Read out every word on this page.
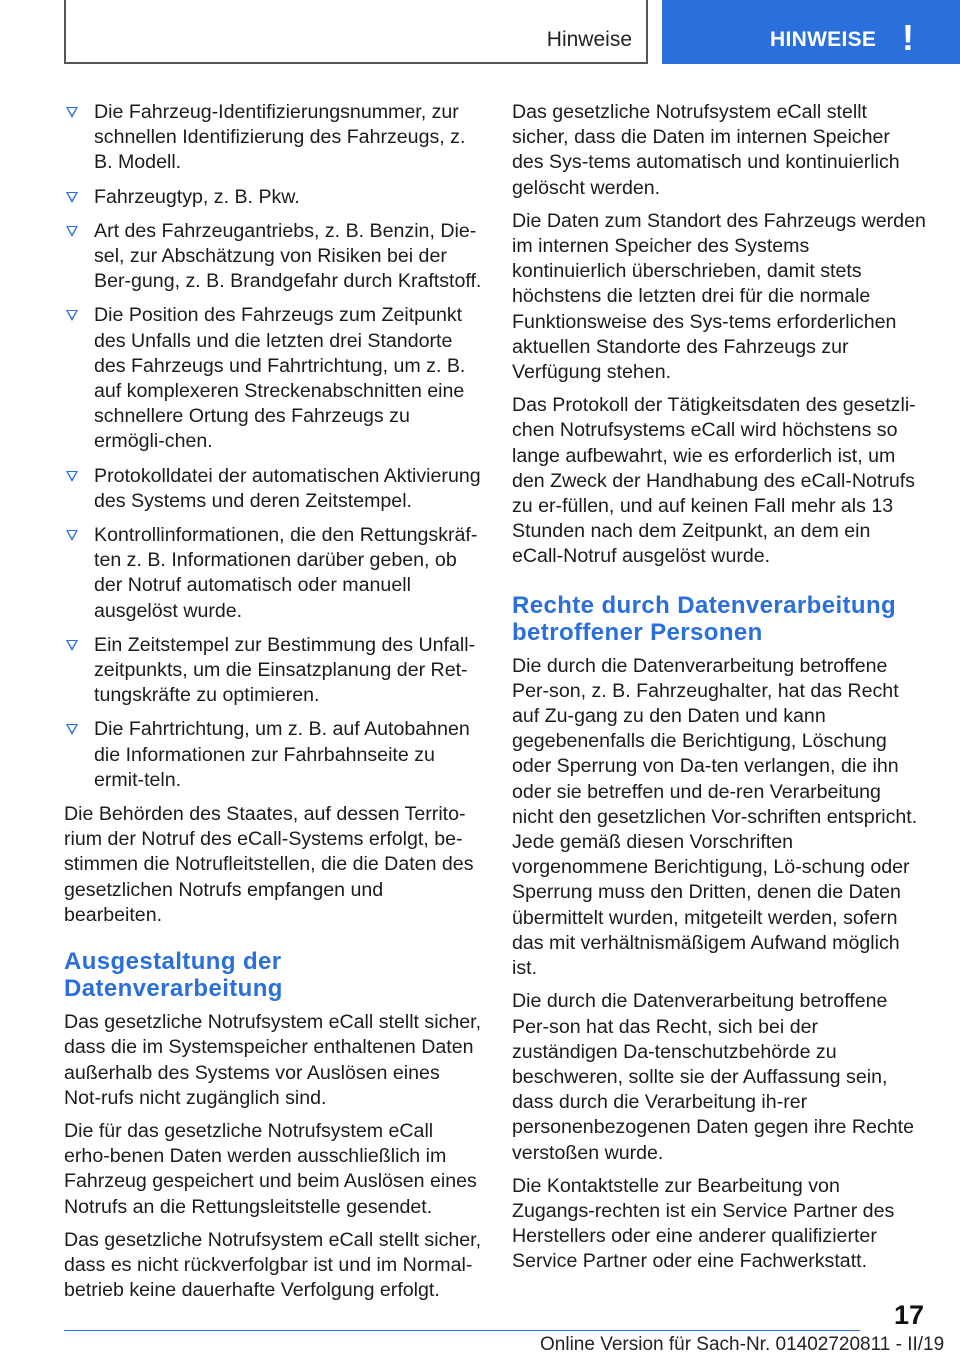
Hinweise	HINWEISE !
Die Fahrzeug-Identifizierungsnummer, zur schnellen Identifizierung des Fahrzeugs, z. B. Modell.
Fahrzeugtyp, z. B. Pkw.
Art des Fahrzeugantriebs, z. B. Benzin, Die-sel, zur Abschätzung von Risiken bei der Ber-gung, z. B. Brandgefahr durch Kraftstoff.
Die Position des Fahrzeugs zum Zeitpunkt des Unfalls und die letzten drei Standorte des Fahrzeugs und Fahrtrichtung, um z. B. auf komplexeren Streckenabschnitten eine schnellere Ortung des Fahrzeugs zu ermögli-chen.
Protokolldatei der automatischen Aktivierung des Systems und deren Zeitstempel.
Kontrollinformationen, die den Rettungskräf-ten z. B. Informationen darüber geben, ob der Notruf automatisch oder manuell ausgelöst wurde.
Ein Zeitstempel zur Bestimmung des Unfall-zeitpunkts, um die Einsatzplanung der Ret-tungskräfte zu optimieren.
Die Fahrtrichtung, um z. B. auf Autobahnen die Informationen zur Fahrbahnseite zu ermit-teln.

Die Behörden des Staates, auf dessen Territo-rium der Notruf des eCall-Systems erfolgt, be-stimmen die Notrufleitstellen, die die Daten des gesetzlichen Notrufs empfangen und bearbeiten.

Ausgestaltung der Datenverarbeitung

Das gesetzliche Notrufsystem eCall stellt sicher, dass die im Systemspeicher enthaltenen Daten außerhalb des Systems vor Auslösen eines Not-rufs nicht zugänglich sind.

Die für das gesetzliche Notrufsystem eCall erho-benen Daten werden ausschließlich im Fahrzeug gespeichert und beim Auslösen eines Notrufs an die Rettungsleitstelle gesendet.

Das gesetzliche Notrufsystem eCall stellt sicher, dass es nicht rückverfolgbar ist und im Normal-betrieb keine dauerhafte Verfolgung erfolgt.

Das gesetzliche Notrufsystem eCall stellt sicher, dass die Daten im internen Speicher des Sys-tems automatisch und kontinuierlich gelöscht werden.

Die Daten zum Standort des Fahrzeugs werden im internen Speicher des Systems kontinuierlich überschrieben, damit stets höchstens die letzten drei für die normale Funktionsweise des Sys-tems erforderlichen aktuellen Standorte des Fahrzeugs zur Verfügung stehen.

Das Protokoll der Tätigkeitsdaten des gesetzli-chen Notrufsystems eCall wird höchstens so lange aufbewahrt, wie es erforderlich ist, um den Zweck der Handhabung des eCall-Notrufs zu er-füllen, und auf keinen Fall mehr als 13 Stunden nach dem Zeitpunkt, an dem ein eCall-Notruf ausgelöst wurde.

Rechte durch Datenverarbeitung betroffener Personen

Die durch die Datenverarbeitung betroffene Per-son, z. B. Fahrzeughalter, hat das Recht auf Zu-gang zu den Daten und kann gegebenenfalls die Berichtigung, Löschung oder Sperrung von Da-ten verlangen, die ihn oder sie betreffen und de-ren Verarbeitung nicht den gesetzlichen Vor-schriften entspricht. Jede gemäß diesen Vorschriften vorgenommene Berichtigung, Lö-schung oder Sperrung muss den Dritten, denen die Daten übermittelt wurden, mitgeteilt werden, sofern das mit verhältnismäßigem Aufwand möglich ist.

Die durch die Datenverarbeitung betroffene Per-son hat das Recht, sich bei der zuständigen Da-tenschutzbehörde zu beschweren, sollte sie der Auffassung sein, dass durch die Verarbeitung ih-rer personenbezogenen Daten gegen ihre Rechte verstoßen wurde.

Die Kontaktstelle zur Bearbeitung von Zugangs-rechten ist ein Service Partner des Herstellers oder eine anderer qualifizierter Service Partner oder eine Fachwerkstatt.

17
Online Version für Sach-Nr. 01402720811 - II/19
